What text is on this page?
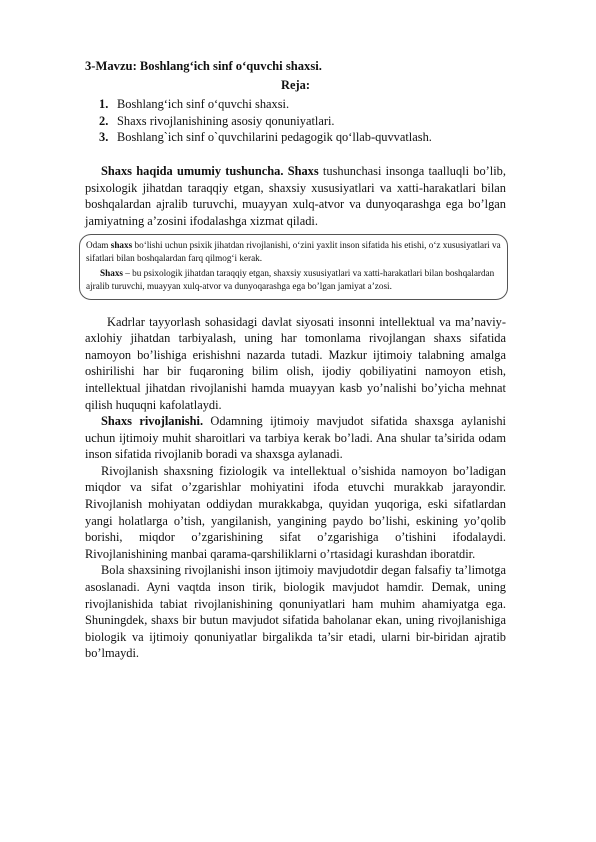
3-Mavzu: Boshlang‘ich sinf o‘quvchi shaxsi.
Reja:
1. Boshlang‘ich sinf o‘quvchi shaxsi.
2. Shaxs rivojlanishining asosiy qonuniyatlari.
3. Boshlang`ich sinf o`quvchilarini pedagogik qo‘llab-quvvatlash.

Shaxs haqida umumiy tushuncha. Shaxs tushunchasi insonga taalluqli bo’lib, psixologik jihatdan taraqqiy etgan, shaxsiy xususiyatlari va xatti-harakatlari bilan boshqalardan ajralib turuvchi, muayyan xulq-atvor va dunyoqarashga ega bo’lgan jamiyatning a’zosini ifodalashga xizmat qiladi.

Odam shaxs bo‘lishi uchun psixik jihatdan rivojlanishi, o‘zini yaxlit inson sifatida his etishi, o‘z xususiyatlari va sifatlari bilan boshqalardan farq qilmog‘i kerak.
Shaxs – bu psixologik jihatdan taraqqiy etgan, shaxsiy xususiyatlari va xatti-harakatlari bilan boshqalardan ajralib turuvchi, muayyan xulq-atvor va dunyoqarashga ega bo’lgan jamiyat a’zosi.

Kadrlar tayyorlash sohasidagi davlat siyosati insonni intellektual va ma’naviy-axlohiy jihatdan tarbiyalash, uning har tomonlama rivojlangan shaxs sifatida namoyon bo’lishiga erishishni nazarda tutadi. Mazkur ijtimoiy talabning amalga oshirilishi har bir fuqaroning bilim olish, ijodiy qobiliyatini namoyon etish, intellektual jihatdan rivojlanishi hamda muayyan kasb yo’nalishi bo’yicha mehnat qilish huquqni kafolatlaydi.

Shaxs rivojlanishi. Odamning ijtimoiy mavjudot sifatida shaxsga aylanishi uchun ijtimoiy muhit sharoitlari va tarbiya kerak bo’ladi. Ana shular ta’sirida odam inson sifatida rivojlanib boradi va shaxsga aylanadi.

Rivojlanish shaxsning fiziologik va intellektual o’sishida namoyon bo’ladigan miqdor va sifat o’zgarishlar mohiyatini ifoda etuvchi murakkab jarayondir. Rivojlanish mohiyatan oddiydan murakkabga, quyidan yuqoriga, eski sifatlardan yangi holatlarga o’tish, yangilanish, yangining paydo bo’lishi, eskining yo’qolib borishi, miqdor o’zgarishining sifat o’zgarishiga o’tishini ifodalaydi. Rivojlanishining manbai qarama-qarshiliklarni o’rtasidagi kurashdan iboratdir.

Bola shaxsining rivojlanishi inson ijtimoiy mavjudotdir degan falsafiy ta’limotga asoslanadi. Ayni vaqtda inson tirik, biologik mavjudot hamdir. Demak, uning rivojlanishida tabiat rivojlanishining qonuniyatlari ham muhim ahamiyatga ega. Shuningdek, shaxs bir butun mavjudot sifatida baholanar ekan, uning rivojlanishiga biologik va ijtimoiy qonuniyatlar birgalikda ta’sir etadi, ularni bir-biridan ajratib bo’lmaydi.
